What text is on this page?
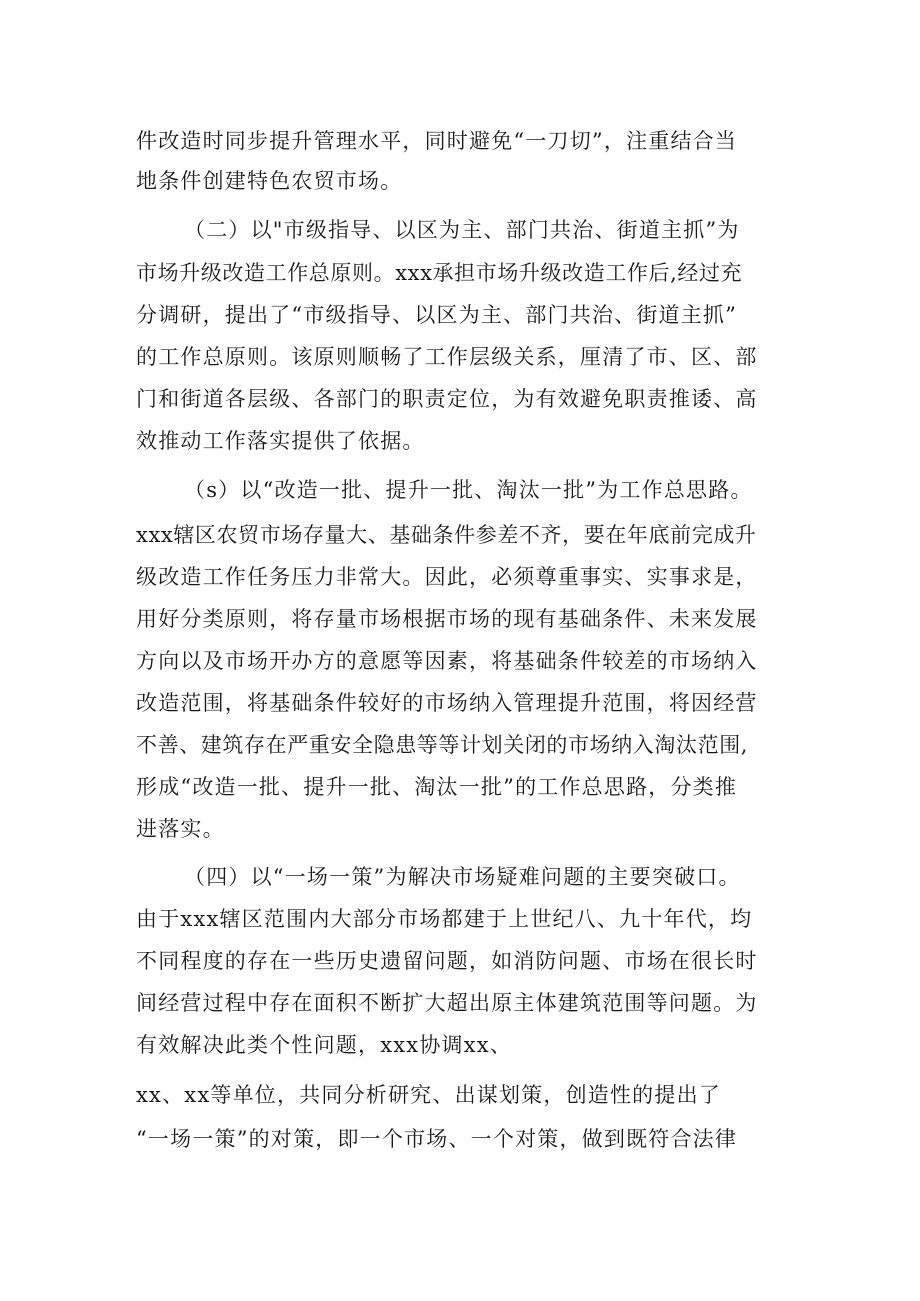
件改造时同步提升管理水平，同时避免“一刀切”，注重结合当
地条件创建特色农贸市场。
（二）以"市级指导、以区为主、部门共治、街道主抓”为
市场升级改造工作总原则。xxx承担市场升级改造工作后,经过充
分调研，提出了“市级指导、以区为主、部门共治、街道主抓”
的工作总原则。该原则顺畅了工作层级关系，厘清了市、区、部
门和街道各层级、各部门的职责定位，为有效避免职责推诿、高
效推动工作落实提供了依据。
（s）以“改造一批、提升一批、淘汰一批”为工作总思路。
xxx辖区农贸市场存量大、基础条件参差不齐，要在年底前完成升
级改造工作任务压力非常大。因此，必须尊重事实、实事求是，
用好分类原则，将存量市场根据市场的现有基础条件、未来发展
方向以及市场开办方的意愿等因素，将基础条件较差的市场纳入
改造范围，将基础条件较好的市场纳入管理提升范围，将因经营
不善、建筑存在严重安全隐患等等计划关闭的市场纳入淘汰范围,
形成“改造一批、提升一批、淘汰一批”的工作总思路，分类推
进落实。
（四）以“一场一策”为解决市场疑难问题的主要突破口。
由于xxx辖区范围内大部分市场都建于上世纪八、九十年代，均
不同程度的存在一些历史遗留问题，如消防问题、市场在很长时
间经营过程中存在面积不断扩大超出原主体建筑范围等问题。为
有效解决此类个性问题，xxx协调xx、
xx、xx等单位，共同分析研究、出谋划策，创造性的提出了
“一场一策”的对策，即一个市场、一个对策，做到既符合法律
